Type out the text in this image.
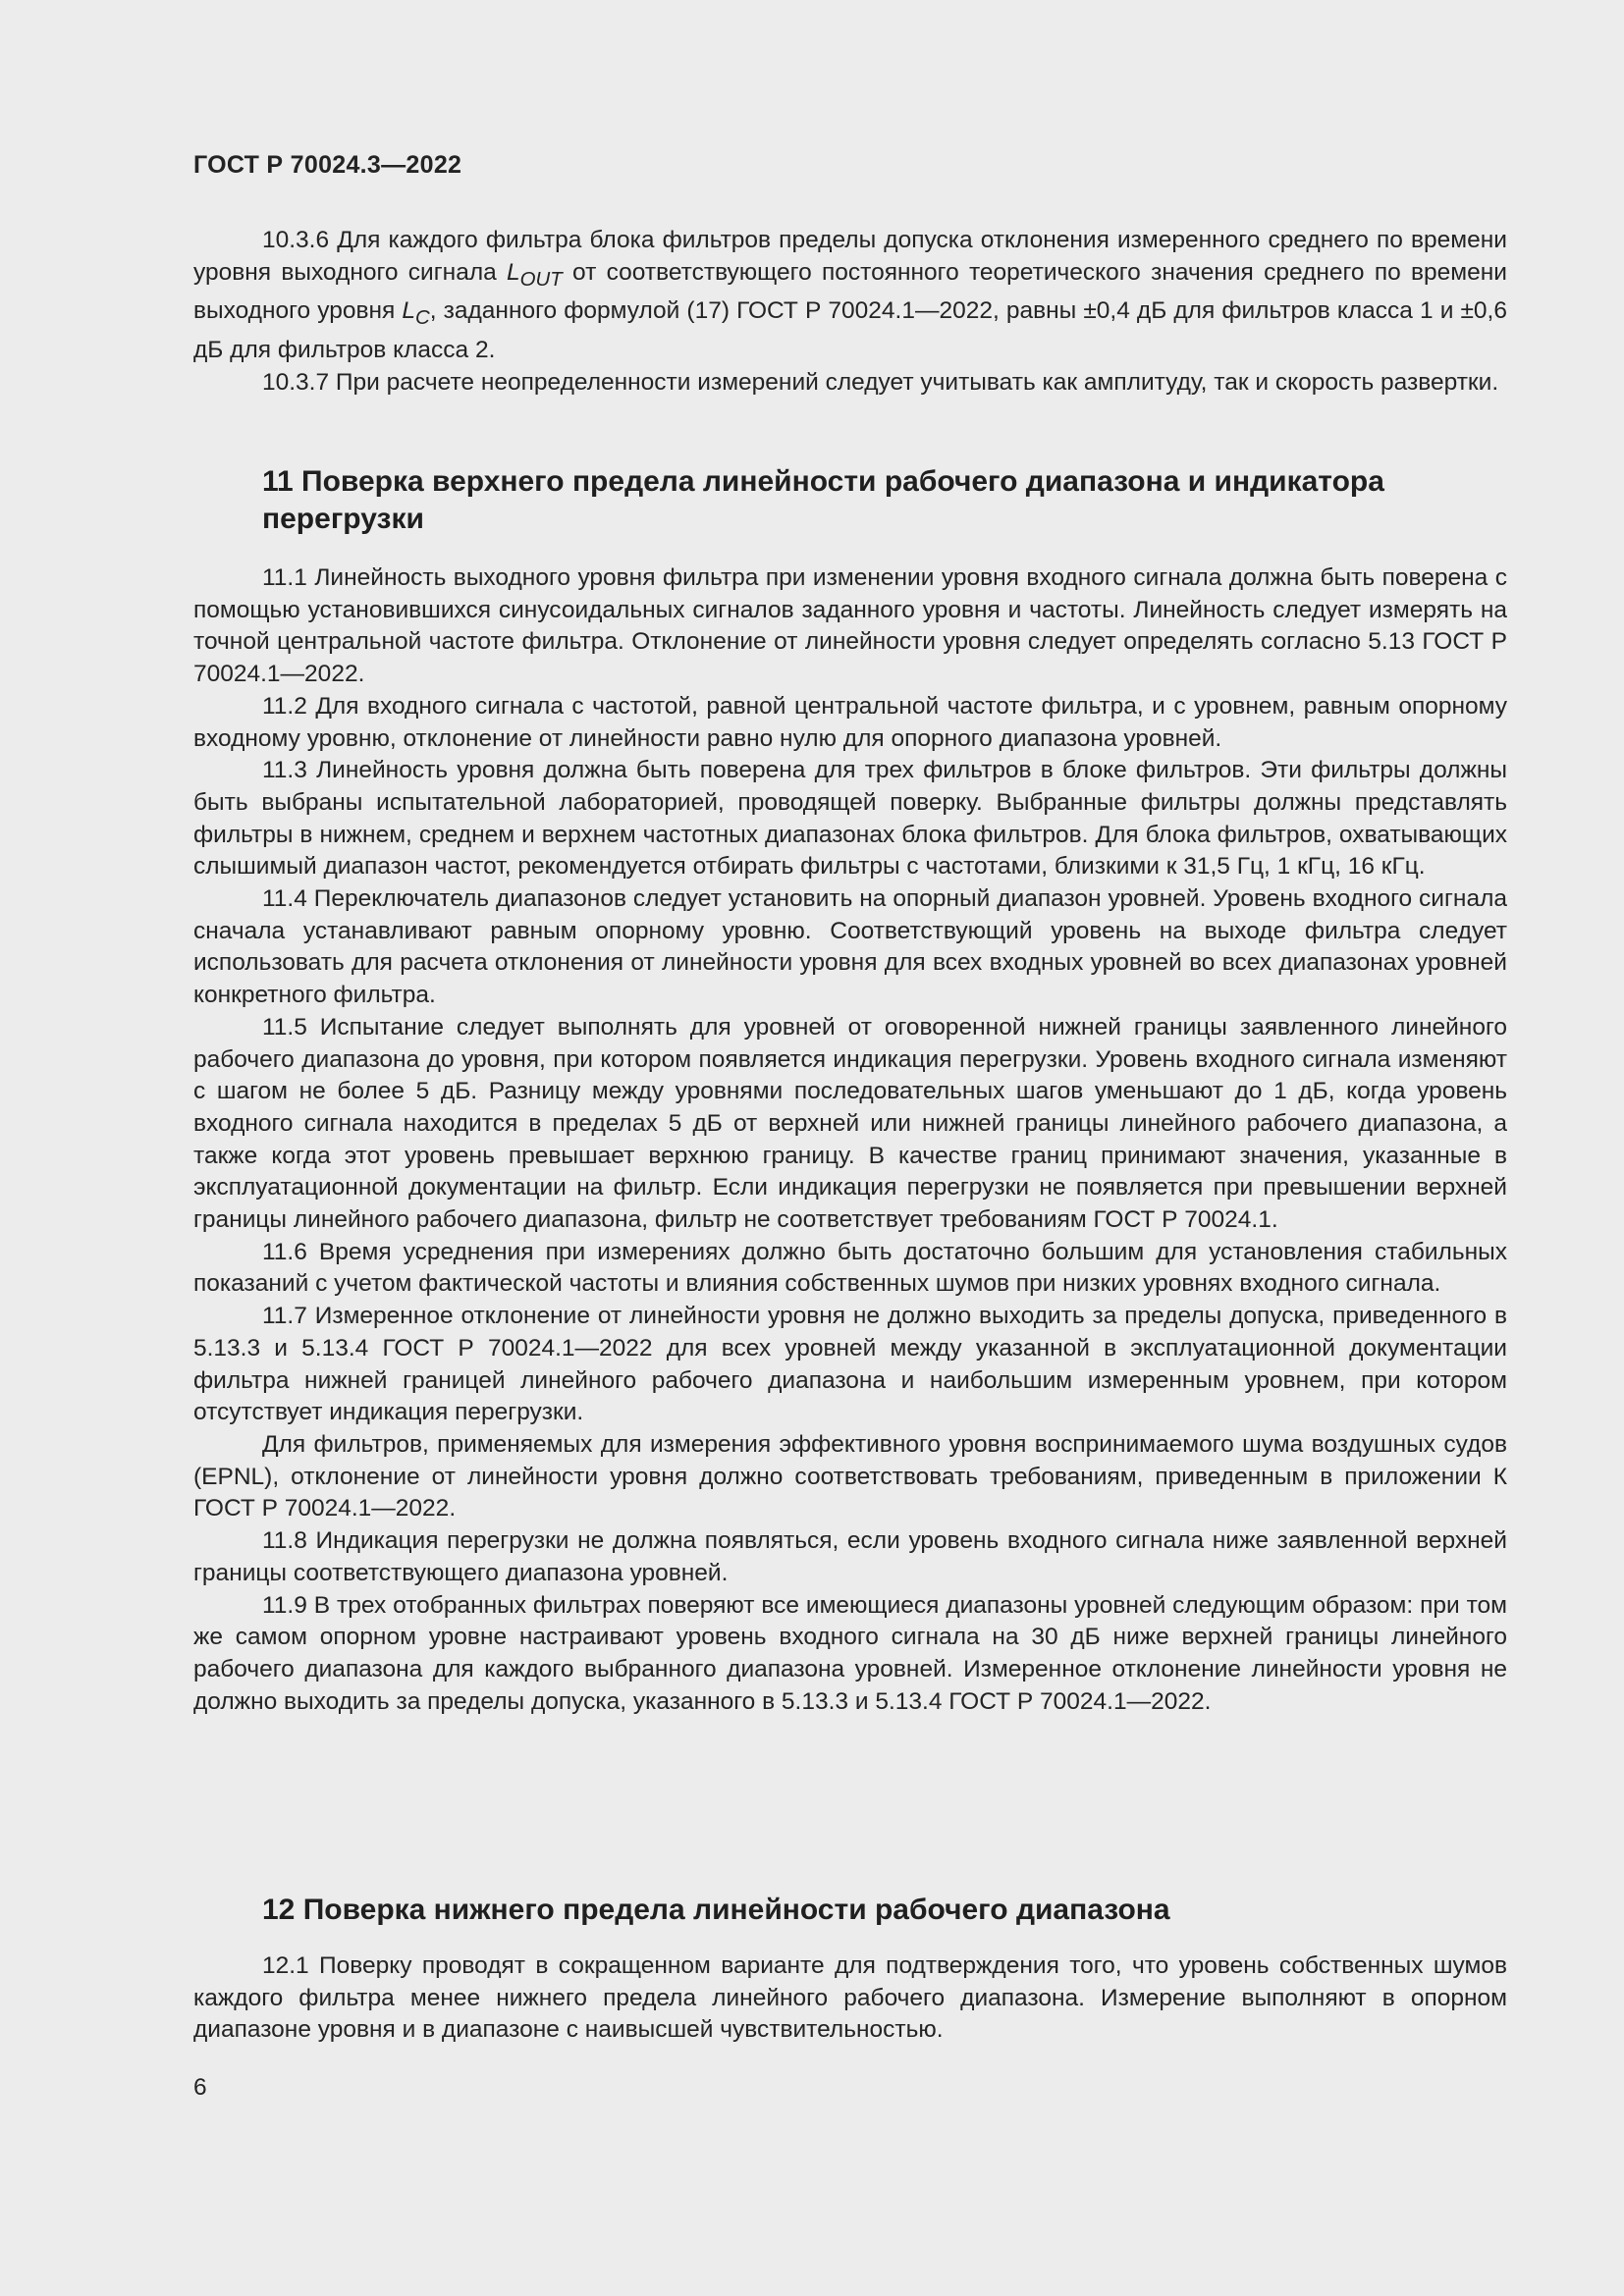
ГОСТ Р 70024.3—2022

10.3.6 Для каждого фильтра блока фильтров пределы допуска отклонения измеренного среднего по времени уровня выходного сигнала $L_{OUT}$ от соответствующего постоянного теоретического значения среднего по времени выходного уровня $L_C$, заданного формулой (17) ГОСТ Р 70024.1—2022, равны ±0,4 дБ для фильтров класса 1 и ±0,6 дБ для фильтров класса 2.

10.3.7 При расчете неопределенности измерений следует учитывать как амплитуду, так и скорость развертки.

11 Поверка верхнего предела линейности рабочего диапазона и индикатора перегрузки

11.1 Линейность выходного уровня фильтра при изменении уровня входного сигнала должна быть поверена с помощью установившихся синусоидальных сигналов заданного уровня и частоты. Линейность следует измерять на точной центральной частоте фильтра. Отклонение от линейности уровня следует определять согласно 5.13 ГОСТ Р 70024.1—2022.

11.2 Для входного сигнала с частотой, равной центральной частоте фильтра, и с уровнем, равным опорному входному уровню, отклонение от линейности равно нулю для опорного диапазона уровней.

11.3 Линейность уровня должна быть поверена для трех фильтров в блоке фильтров. Эти фильтры должны быть выбраны испытательной лабораторией, проводящей поверку. Выбранные фильтры должны представлять фильтры в нижнем, среднем и верхнем частотных диапазонах блока фильтров. Для блока фильтров, охватывающих слышимый диапазон частот, рекомендуется отбирать фильтры с частотами, близкими к 31,5 Гц, 1 кГц, 16 кГц.

11.4 Переключатель диапазонов следует установить на опорный диапазон уровней. Уровень входного сигнала сначала устанавливают равным опорному уровню. Соответствующий уровень на выходе фильтра следует использовать для расчета отклонения от линейности уровня для всех входных уровней во всех диапазонах уровней конкретного фильтра.

11.5 Испытание следует выполнять для уровней от оговоренной нижней границы заявленного линейного рабочего диапазона до уровня, при котором появляется индикация перегрузки. Уровень входного сигнала изменяют с шагом не более 5 дБ. Разницу между уровнями последовательных шагов уменьшают до 1 дБ, когда уровень входного сигнала находится в пределах 5 дБ от верхней или нижней границы линейного рабочего диапазона, а также когда этот уровень превышает верхнюю границу. В качестве границ принимают значения, указанные в эксплуатационной документации на фильтр. Если индикация перегрузки не появляется при превышении верхней границы линейного рабочего диапазона, фильтр не соответствует требованиям ГОСТ Р 70024.1.

11.6 Время усреднения при измерениях должно быть достаточно большим для установления стабильных показаний с учетом фактической частоты и влияния собственных шумов при низких уровнях входного сигнала.

11.7 Измеренное отклонение от линейности уровня не должно выходить за пределы допуска, приведенного в 5.13.3 и 5.13.4 ГОСТ Р 70024.1—2022 для всех уровней между указанной в эксплуатационной документации фильтра нижней границей линейного рабочего диапазона и наибольшим измеренным уровнем, при котором отсутствует индикация перегрузки.

Для фильтров, применяемых для измерения эффективного уровня воспринимаемого шума воздушных судов (EPNL), отклонение от линейности уровня должно соответствовать требованиям, приведенным в приложении К ГОСТ Р 70024.1—2022.

11.8 Индикация перегрузки не должна появляться, если уровень входного сигнала ниже заявленной верхней границы соответствующего диапазона уровней.

11.9 В трех отобранных фильтрах поверяют все имеющиеся диапазоны уровней следующим образом: при том же самом опорном уровне настраивают уровень входного сигнала на 30 дБ ниже верхней границы линейного рабочего диапазона для каждого выбранного диапазона уровней. Измеренное отклонение линейности уровня не должно выходить за пределы допуска, указанного в 5.13.3 и 5.13.4 ГОСТ Р 70024.1—2022.

12 Поверка нижнего предела линейности рабочего диапазона

12.1 Поверку проводят в сокращенном варианте для подтверждения того, что уровень собственных шумов каждого фильтра менее нижнего предела линейного рабочего диапазона. Измерение выполняют в опорном диапазоне уровня и в диапазоне с наивысшей чувствительностью.

6
